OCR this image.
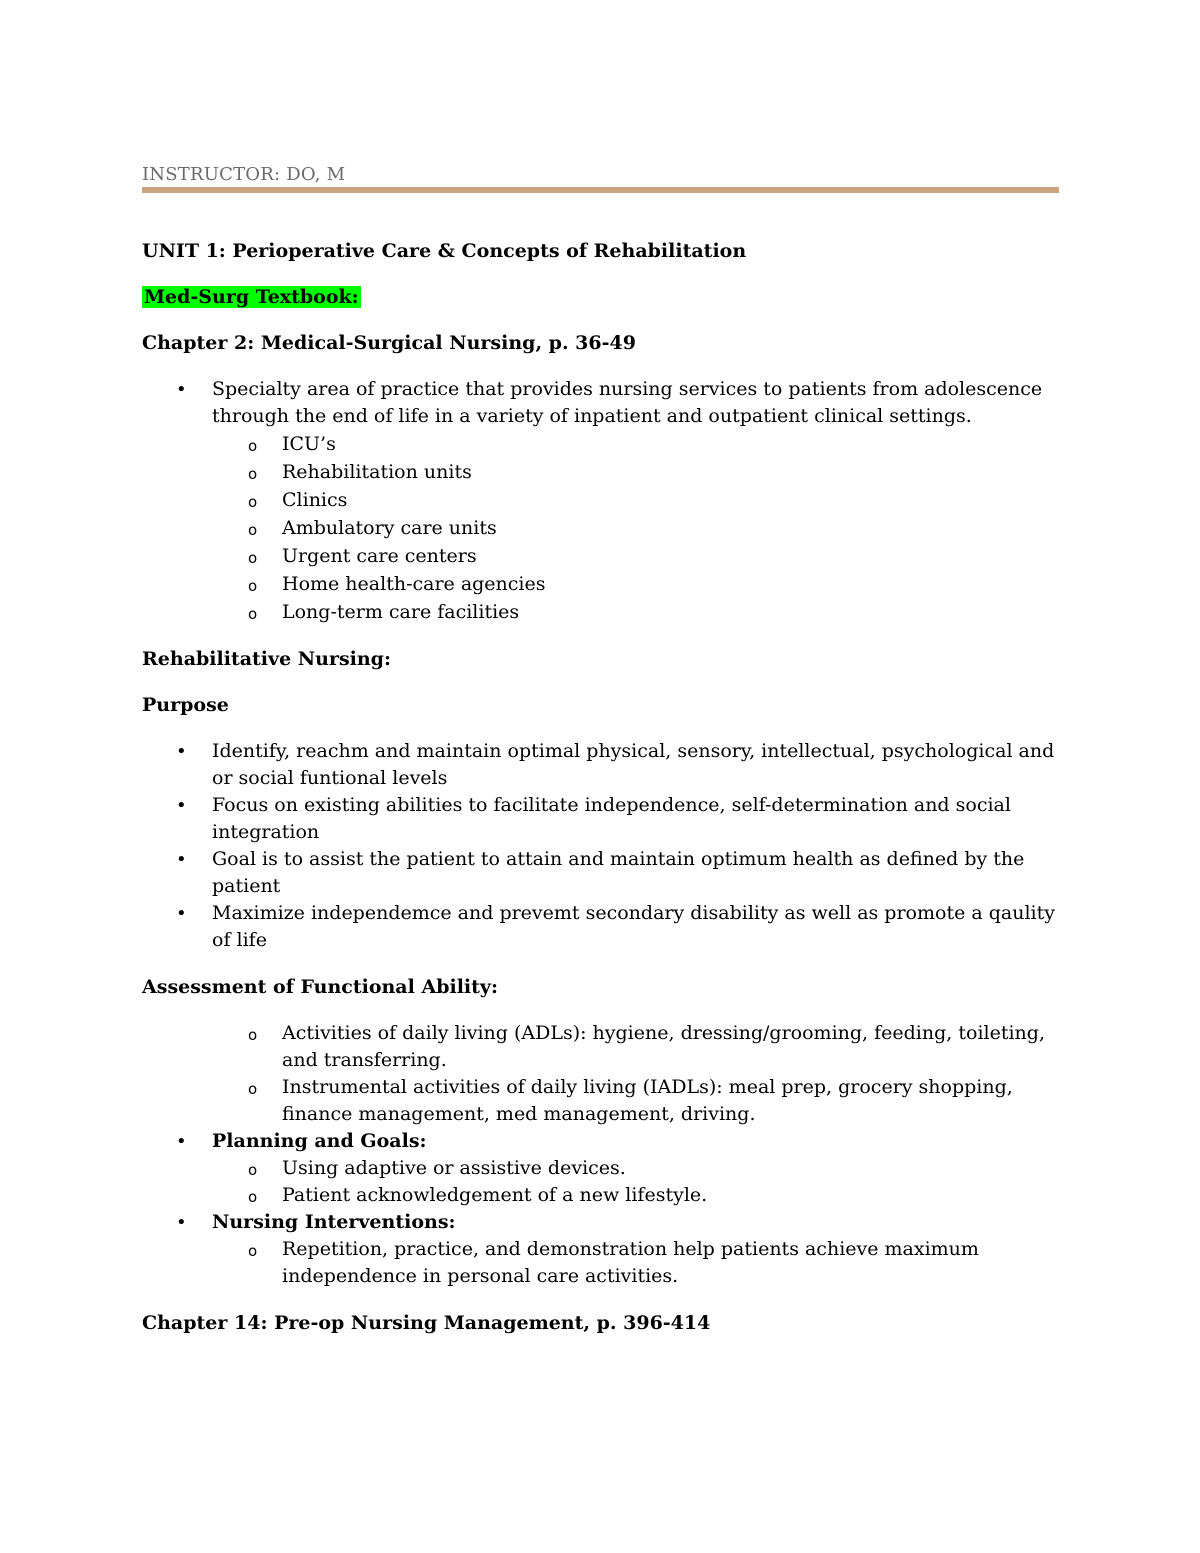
INSTRUCTOR: DO, M
UNIT 1: Perioperative Care & Concepts of Rehabilitation
Med-Surg Textbook:
Chapter 2: Medical-Surgical Nursing, p. 36-49
• Specialty area of practice that provides nursing services to patients from adolescence through the end of life in a variety of inpatient and outpatient clinical settings.
o ICU’s
o Rehabilitation units
o Clinics
o Ambulatory care units
o Urgent care centers
o Home health-care agencies
o Long-term care facilities
Rehabilitative Nursing:
Purpose
• Identify, reachm and maintain optimal physical, sensory, intellectual, psychological and or social funtional levels
• Focus on existing abilities to facilitate independence, self-determination and social integration
• Goal is to assist the patient to attain and maintain optimum health as defined by the patient
• Maximize independemce and prevemt secondary disability as well as promote a qaulity of life
Assessment of Functional Ability:
o Activities of daily living (ADLs): hygiene, dressing/grooming, feeding, toileting, and transferring.
o Instrumental activities of daily living (IADLs): meal prep, grocery shopping, finance management, med management, driving.
• Planning and Goals:
o Using adaptive or assistive devices.
o Patient acknowledgement of a new lifestyle.
• Nursing Interventions:
o Repetition, practice, and demonstration help patients achieve maximum independence in personal care activities.
Chapter 14: Pre-op Nursing Management, p. 396-414
